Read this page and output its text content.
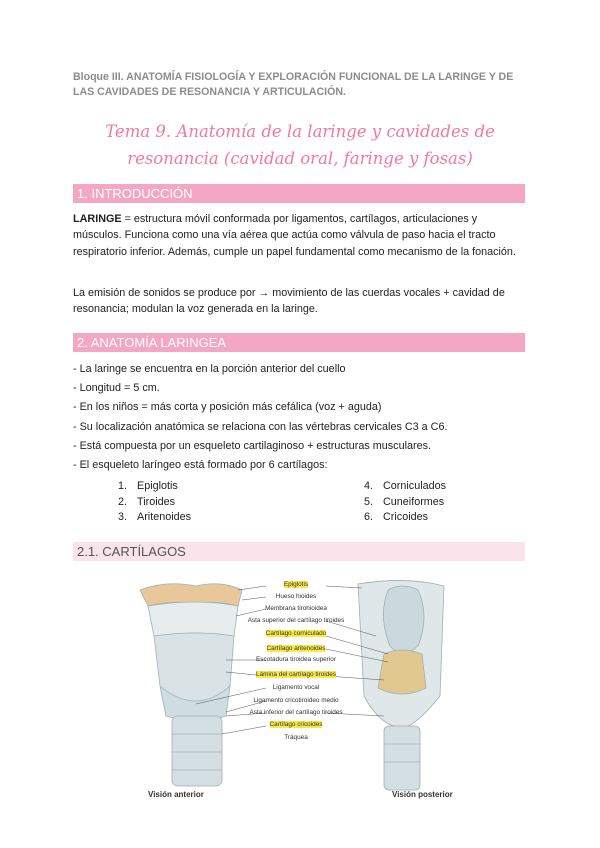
Bloque III. ANATOMÍA FISIOLOGÍA Y EXPLORACIÓN FUNCIONAL DE LA LARINGE Y DE LAS CAVIDADES DE RESONANCIA Y ARTICULACIÓN.
Tema 9. Anatomía de la laringe y cavidades de resonancia (cavidad oral, faringe y fosas)
1. INTRODUCCIÓN
LARINGE = estructura móvil conformada por ligamentos, cartílagos, articulaciones y músculos. Funciona como una vía aérea que actúa como válvula de paso hacia el tracto respiratorio inferior. Además, cumple un papel fundamental como mecanismo de la fonación.
La emisión de sonidos se produce por → movimiento de las cuerdas vocales + cavidad de resonancia; modulan la voz generada en la laringe.
2. ANATOMÍA LARINGEA
- La laringe se encuentra en la porción anterior del cuello
- Longitud = 5 cm.
- En los niños = más corta y posición más cefálica (voz + aguda)
- Su localización anatómica se relaciona con las vértebras cervicales C3 a C6.
- Está compuesta por un esqueleto cartilaginoso + estructuras musculares.
- El esqueleto laríngeo está formado por 6 cartílagos:
1. Epiglotis
2. Tiroides
3. Aritenoides
4. Corniculados
5. Cuneiformes
6. Cricoides
2.1. CARTÍLAGOS
Epiglotis
Hueso hioides
Membrana tirohioidea
Asta superior del cartílago tiroides
Cartílago corniculado
Cartílago aritenoides
Escotadura tiroidea superior
Lámina del cartílago tiroides
Ligamento vocal
Ligamento cricotiroideo medio
Asta inferior del cartílago tiroides
Cartílago cricoides
Tráquea
Visión anterior	Visión posterior
